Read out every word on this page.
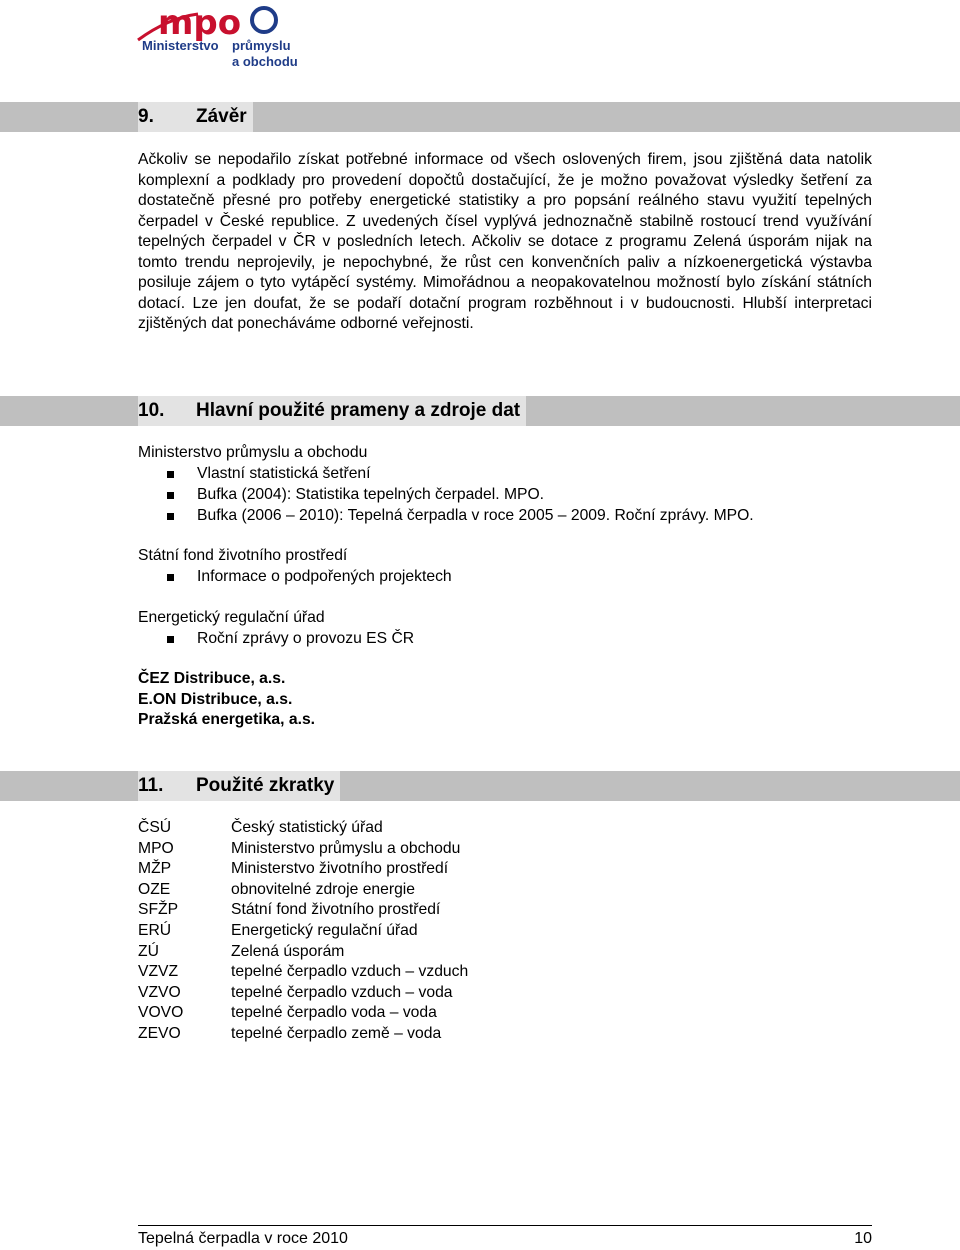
mpo
Ministerstvo průmyslu
a obchodu
9. Závěr

Ačkoliv se nepodařilo získat potřebné informace od všech oslovených firem, jsou zjištěná data natolik komplexní a podklady pro provedení dopočtů dostačující, že je možno považovat výsledky šetření za dostatečně přesné pro potřeby energetické statistiky a pro popsání reálného stavu využití tepelných čerpadel v České republice. Z uvedených čísel vyplývá jednoznačně stabilně rostoucí trend využívání tepelných čerpadel v ČR v posledních letech. Ačkoliv se dotace z programu Zelená úsporám nijak na tomto trendu neprojevily, je nepochybné, že růst cen konvenčních paliv a nízkoenergetická výstavba posiluje zájem o tyto vytápěcí systémy. Mimořádnou a neopakovatelnou možností bylo získání státních dotací. Lze jen doufat, že se podaří dotační program rozběhnout i v budoucnosti. Hlubší interpretaci zjištěných dat ponecháváme odborné veřejnosti.

10. Hlavní použité prameny a zdroje dat
Ministerstvo průmyslu a obchodu
Vlastní statistická šetření
Bufka (2004): Statistika tepelných čerpadel. MPO.
Bufka (2006 – 2010): Tepelná čerpadla v roce 2005 – 2009. Roční zprávy. MPO.
Státní fond životního prostředí
Informace o podpořených projektech
Energetický regulační úřad
Roční zprávy o provozu ES ČR
ČEZ Distribuce, a.s.
E.ON Distribuce, a.s.
Pražská energetika, a.s.
11. Použité zkratky
ČSÚ	Český statistický úřad
MPO	Ministerstvo průmyslu a obchodu
MŽP	Ministerstvo životního prostředí
OZE	obnovitelné zdroje energie
SFŽP	Státní fond životního prostředí
ERÚ	Energetický regulační úřad
ZÚ	Zelená úsporám
VZVZ	tepelné čerpadlo vzduch – vzduch
VZVO	tepelné čerpadlo vzduch – voda
VOVO	tepelné čerpadlo voda – voda
ZEVO	tepelné čerpadlo země – voda
Tepelná čerpadla v roce 2010	10
